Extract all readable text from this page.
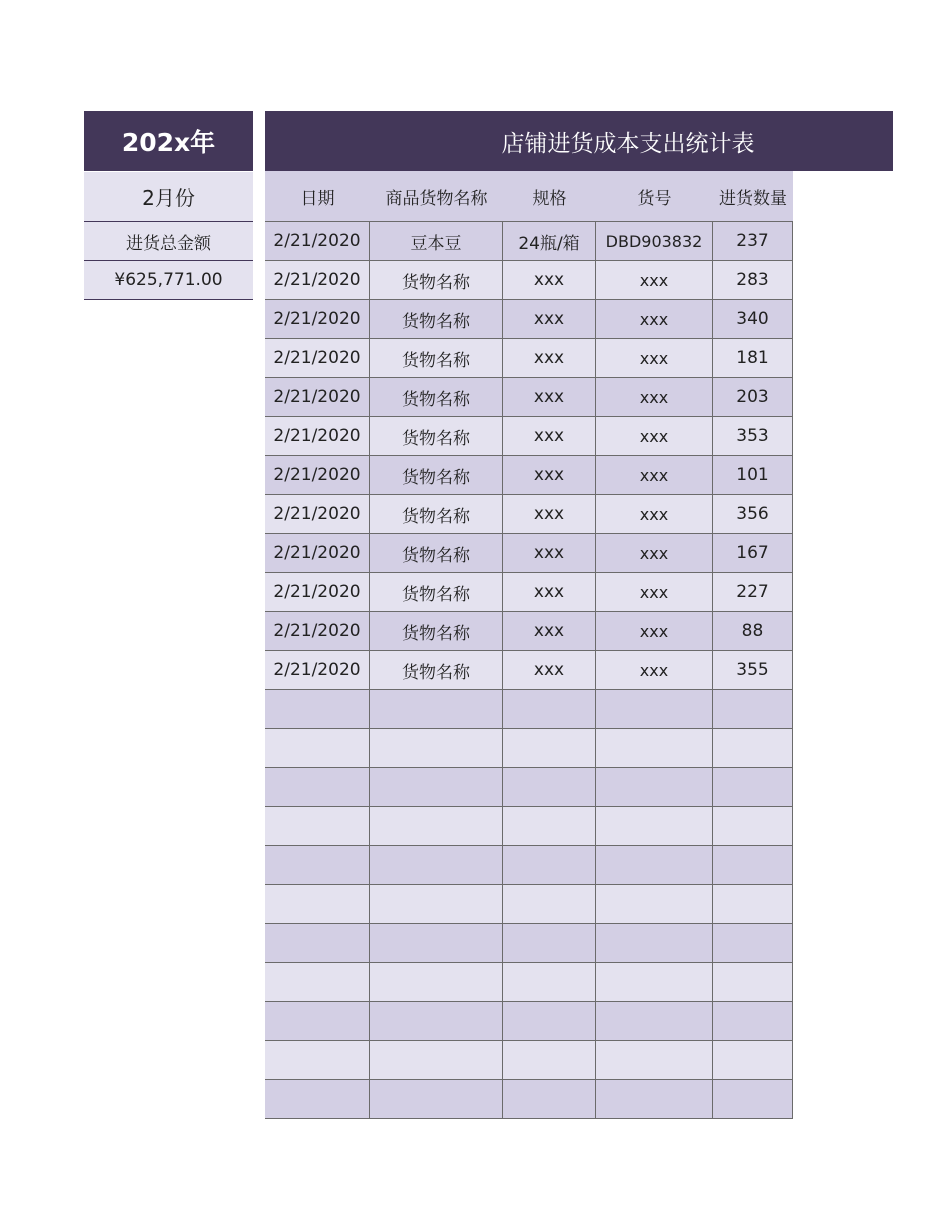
202x年
2月份
进货总金额
¥625,771.00
店铺进货成本支出统计表
日期	商品货物名称	规格	货号	进货数量
2/21/2020	豆本豆	24瓶/箱	DBD903832	237
2/21/2020	货物名称	xxx	xxx	283
2/21/2020	货物名称	xxx	xxx	340
2/21/2020	货物名称	xxx	xxx	181
2/21/2020	货物名称	xxx	xxx	203
2/21/2020	货物名称	xxx	xxx	353
2/21/2020	货物名称	xxx	xxx	101
2/21/2020	货物名称	xxx	xxx	356
2/21/2020	货物名称	xxx	xxx	167
2/21/2020	货物名称	xxx	xxx	227
2/21/2020	货物名称	xxx	xxx	88
2/21/2020	货物名称	xxx	xxx	355
